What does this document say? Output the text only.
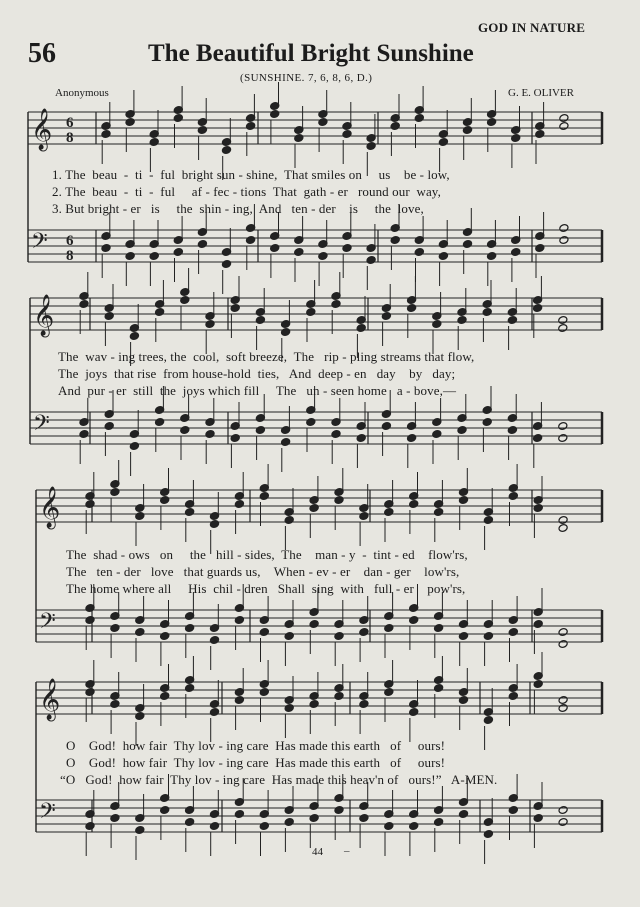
GOD IN NATURE
56	The Beautiful Bright Sunshine
(SUNSHINE. 7, 6, 8, 6, D.)
Anonymous	G. E. OLIVER
𝄞
𝄢
6
6
8
8
𝄞
𝄢
𝄞
𝄢
𝄞
𝄢
1. The  beau  -  ti  -  ful  bright sun - shine,  That smiles on     us    be - low,
2. The  beau  -  ti  -  ful     af - fec - tions  That  gath - er   round our  way,
3. But bright - er   is     the  shin - ing,  And   ten - der    is     the  love,
The  wav - ing trees, the  cool,  soft breeze,  The   rip - pling streams that flow,
The  joys  that rise  from house-hold  ties,   And  deep - en   day    by   day;
And  pur - er  still  the  joys which fill     The   un - seen home   a - bove,—
The  shad - ows   on     the   hill - sides,  The    man - y  -  tint - ed    flow'rs,
The   ten - der   love   that guards us,    When - ev - er    dan - ger    low'rs,
The home where all     His  chil - dren   Shall  sing  with   full - er    pow'rs,
O    God!  how fair  Thy lov - ing care  Has made this earth   of     ours!
O    God!  how fair  Thy lov - ing care  Has made this earth   of     ours!
“O   God!  how fair  Thy lov - ing care  Has made this heav'n of   ours!”   A-MEN.
44 –
